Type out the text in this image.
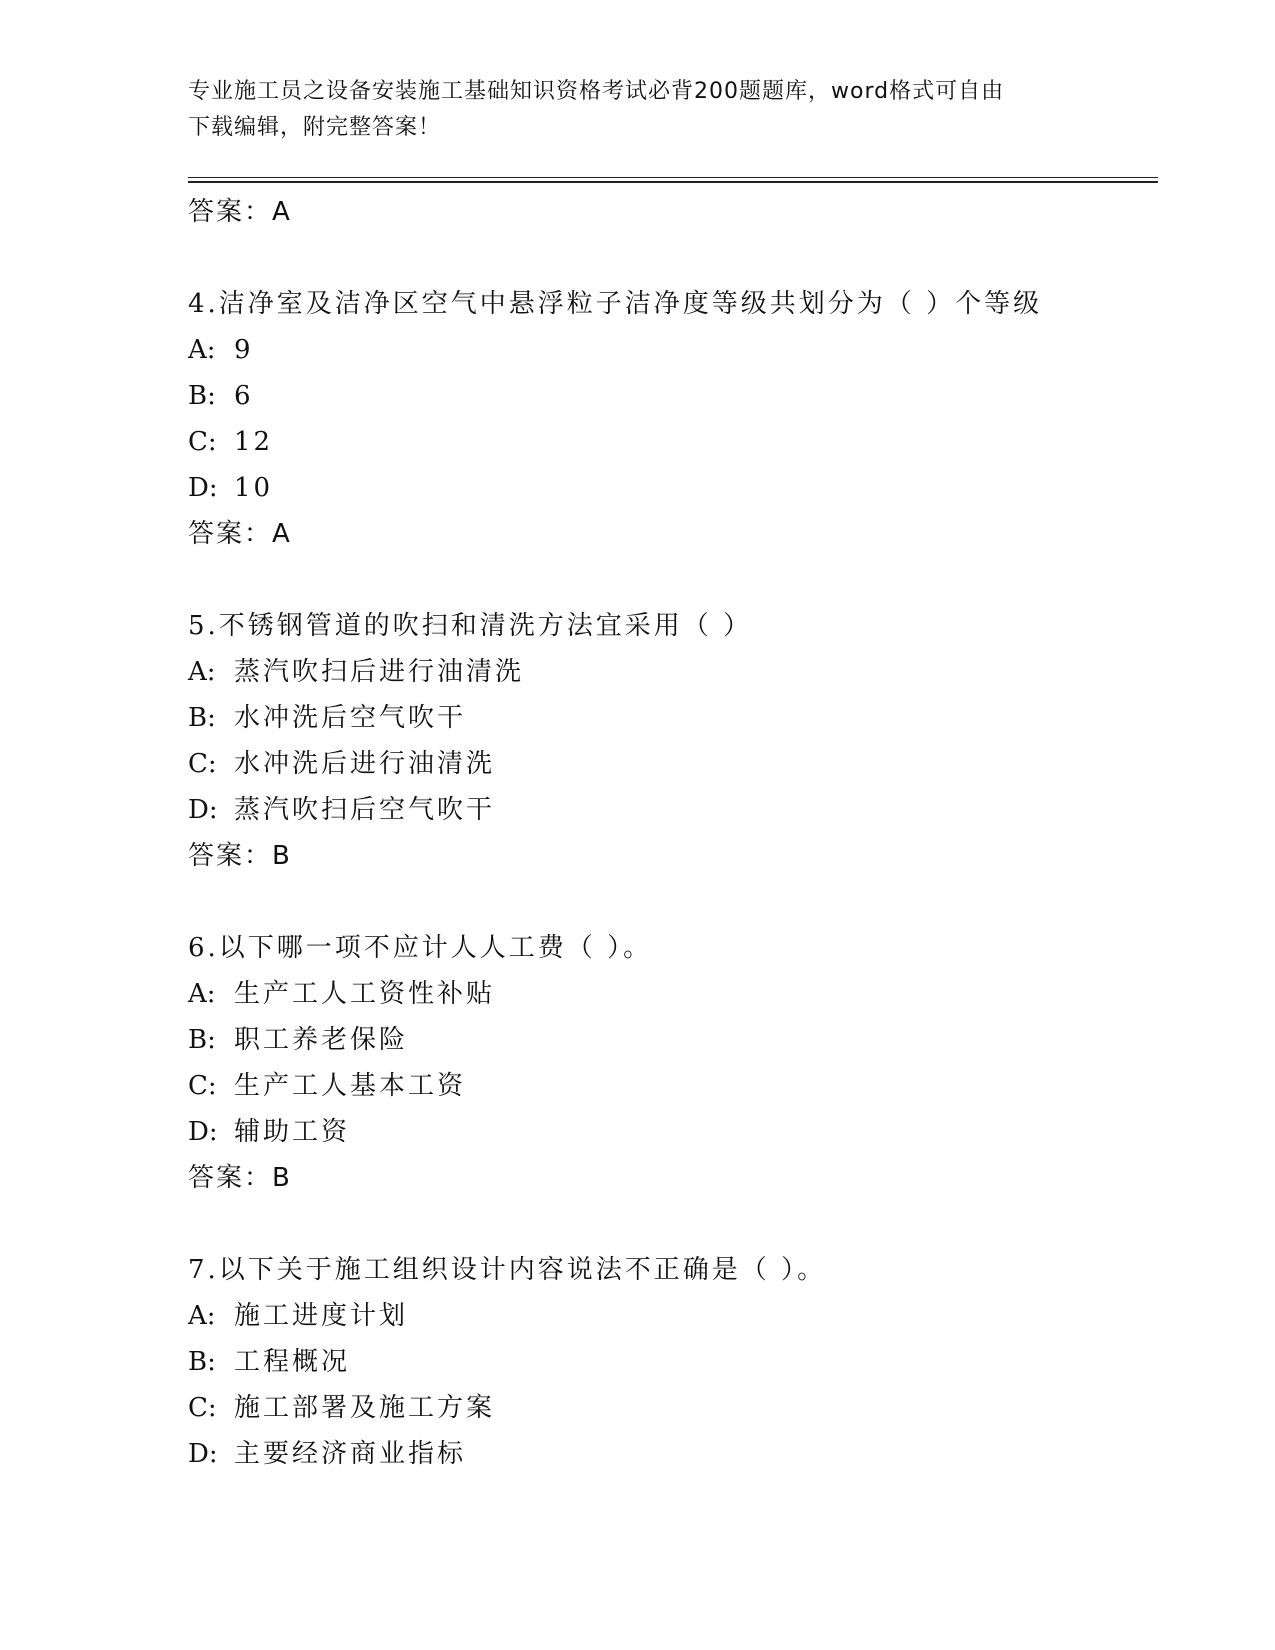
专业施工员之设备安装施工基础知识资格考试必背200题题库，word格式可自由
下载编辑，附完整答案！
答案：A
4.洁净室及洁净区空气中悬浮粒子洁净度等级共划分为（ ）个等级
A: 9
B: 6
C: 12
D: 10
答案：A
5.不锈钢管道的吹扫和清洗方法宜采用（ ）
A: 蒸汽吹扫后进行油清洗
B: 水冲洗后空气吹干
C: 水冲洗后进行油清洗
D: 蒸汽吹扫后空气吹干
答案：B
6.以下哪一项不应计人人工费（ ）。
A: 生产工人工资性补贴
B: 职工养老保险
C: 生产工人基本工资
D: 辅助工资
答案：B
7.以下关于施工组织设计内容说法不正确是（ ）。
A: 施工进度计划
B: 工程概况
C: 施工部署及施工方案
D: 主要经济商业指标
